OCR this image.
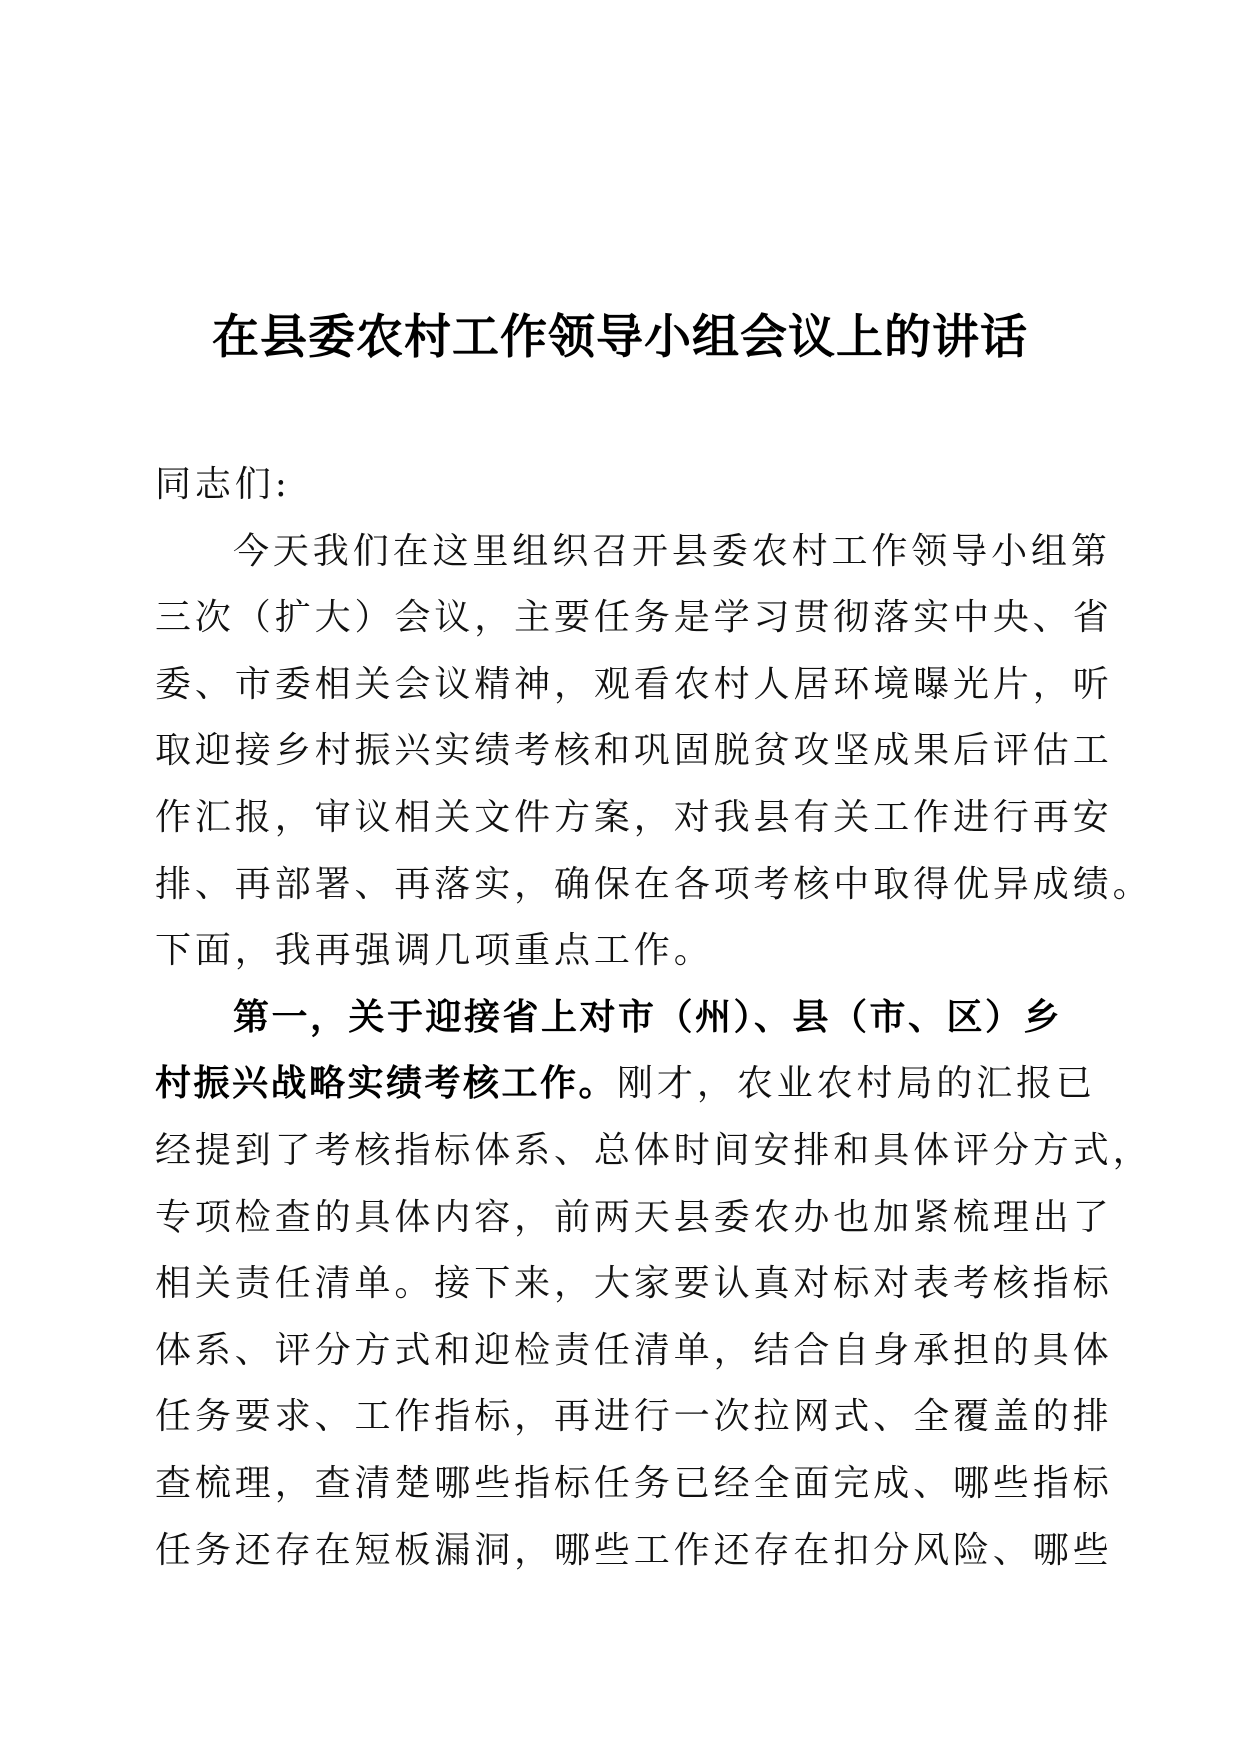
在县委农村工作领导小组会议上的讲话
同志们:
今天我们在这里组织召开县委农村工作领导小组第
三次（扩大）会议，主要任务是学习贯彻落实中央、省
委、市委相关会议精神，观看农村人居环境曝光片，听
取迎接乡村振兴实绩考核和巩固脱贫攻坚成果后评估工
作汇报，审议相关文件方案，对我县有关工作进行再安
排、再部署、再落实，确保在各项考核中取得优异成绩。
下面，我再强调几项重点工作。
第一，关于迎接省上对市（州）、县（市、区）乡
村振兴战略实绩考核工作。刚才，农业农村局的汇报已
经提到了考核指标体系、总体时间安排和具体评分方式，
专项检查的具体内容，前两天县委农办也加紧梳理出了
相关责任清单。接下来，大家要认真对标对表考核指标
体系、评分方式和迎检责任清单，结合自身承担的具体
任务要求、工作指标，再进行一次拉网式、全覆盖的排
查梳理，查清楚哪些指标任务已经全面完成、哪些指标
任务还存在短板漏洞，哪些工作还存在扣分风险、哪些
